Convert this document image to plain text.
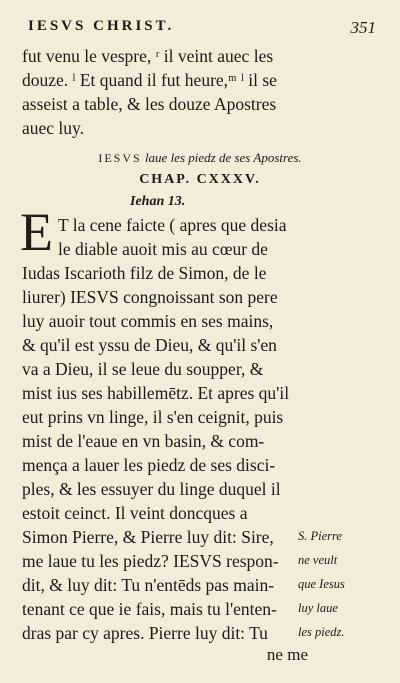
IESVS CHRIST.	351
fut venu le vespre, ʳ il veint auec les
douze. ˡ Et quand il fut heure,ᵐ ˡ il se
asseist a table, & les douze Apostres
auec luy.
IESVS laue les piedz de ses Apostres.
CHAP. CXXXV.
Iehan 13.
E T la cene faicte ( apres que desia
le diable auoit mis au cœur de
Iudas Iscarioth filz de Simon, de le
liurer) IESVS congnoissant son pere
luy auoir tout commis en ses mains,
& qu'il est yssu de Dieu, & qu'il s'en
va a Dieu, il se leue du soupper, &
mist ius ses habillemētz. Et apres qu'il
eut prins vn linge, il s'en ceignit, puis
mist de l'eaue en vn basin, & com-
mença a lauer les piedz de ses disci-
ples, & les essuyer du linge duquel il
estoit ceinct. Il veint doncques a
Simon Pierre, & Pierre luy dit: Sire,
me laue tu les piedz? IESVS respon-
dit, & luy dit: Tu n'entēds pas main-
tenant ce que ie fais, mais tu l'enten-
dras par cy apres. Pierre luy dit: Tu
S. Pierre
ne veult
que Iesus
luy laue
les piedz.
ne me
